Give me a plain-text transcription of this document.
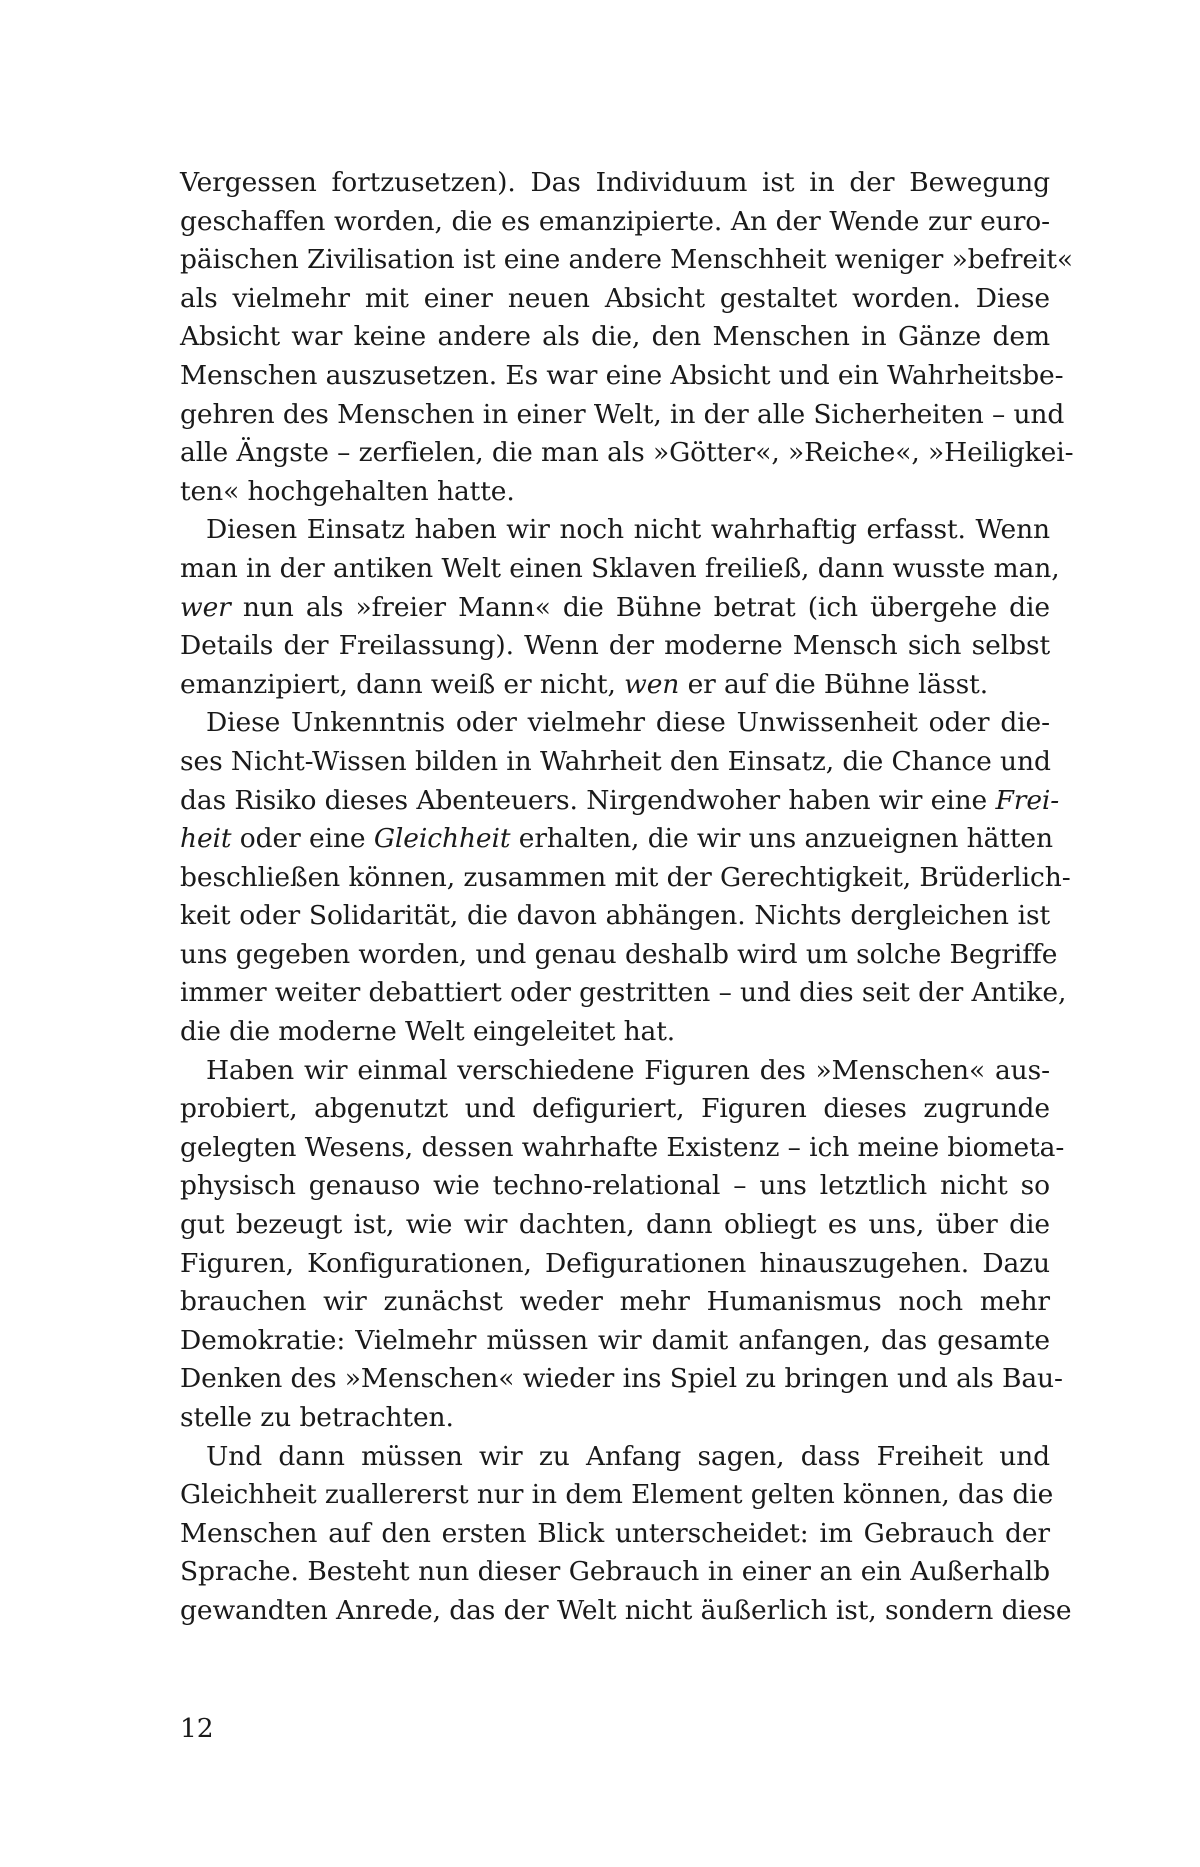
Vergessen fortzusetzen). Das Individuum ist in der Bewegung
geschaffen worden, die es emanzipierte. An der Wende zur euro-
päischen Zivilisation ist eine andere Menschheit weniger »befreit«
als vielmehr mit einer neuen Absicht gestaltet worden. Diese
Absicht war keine andere als die, den Menschen in Gänze dem
Menschen auszusetzen. Es war eine Absicht und ein Wahrheitsbe-
gehren des Menschen in einer Welt, in der alle Sicherheiten – und
alle Ängste – zerfielen, die man als »Götter«, »Reiche«, »Heiligkei-
ten« hochgehalten hatte.
Diesen Einsatz haben wir noch nicht wahrhaftig erfasst. Wenn
man in der antiken Welt einen Sklaven freiließ, dann wusste man,
wer nun als »freier Mann« die Bühne betrat (ich übergehe die
Details der Freilassung). Wenn der moderne Mensch sich selbst
emanzipiert, dann weiß er nicht, wen er auf die Bühne lässt.
Diese Unkenntnis oder vielmehr diese Unwissenheit oder die-
ses Nicht-Wissen bilden in Wahrheit den Einsatz, die Chance und
das Risiko dieses Abenteuers. Nirgendwoher haben wir eine Frei-
heit oder eine Gleichheit erhalten, die wir uns anzueignen hätten
beschließen können, zusammen mit der Gerechtigkeit, Brüderlich-
keit oder Solidarität, die davon abhängen. Nichts dergleichen ist
uns gegeben worden, und genau deshalb wird um solche Begriffe
immer weiter debattiert oder gestritten – und dies seit der Antike,
die die moderne Welt eingeleitet hat.
Haben wir einmal verschiedene Figuren des »Menschen« aus-
probiert, abgenutzt und defiguriert, Figuren dieses zugrunde
gelegten Wesens, dessen wahrhafte Existenz – ich meine biometa-
physisch genauso wie techno-relational – uns letztlich nicht so
gut bezeugt ist, wie wir dachten, dann obliegt es uns, über die
Figuren, Konfigurationen, Defigurationen hinauszugehen. Dazu
brauchen wir zunächst weder mehr Humanismus noch mehr
Demokratie: Vielmehr müssen wir damit anfangen, das gesamte
Denken des »Menschen« wieder ins Spiel zu bringen und als Bau-
stelle zu betrachten.
Und dann müssen wir zu Anfang sagen, dass Freiheit und
Gleichheit zuallererst nur in dem Element gelten können, das die
Menschen auf den ersten Blick unterscheidet: im Gebrauch der
Sprache. Besteht nun dieser Gebrauch in einer an ein Außerhalb
gewandten Anrede, das der Welt nicht äußerlich ist, sondern diese
12
